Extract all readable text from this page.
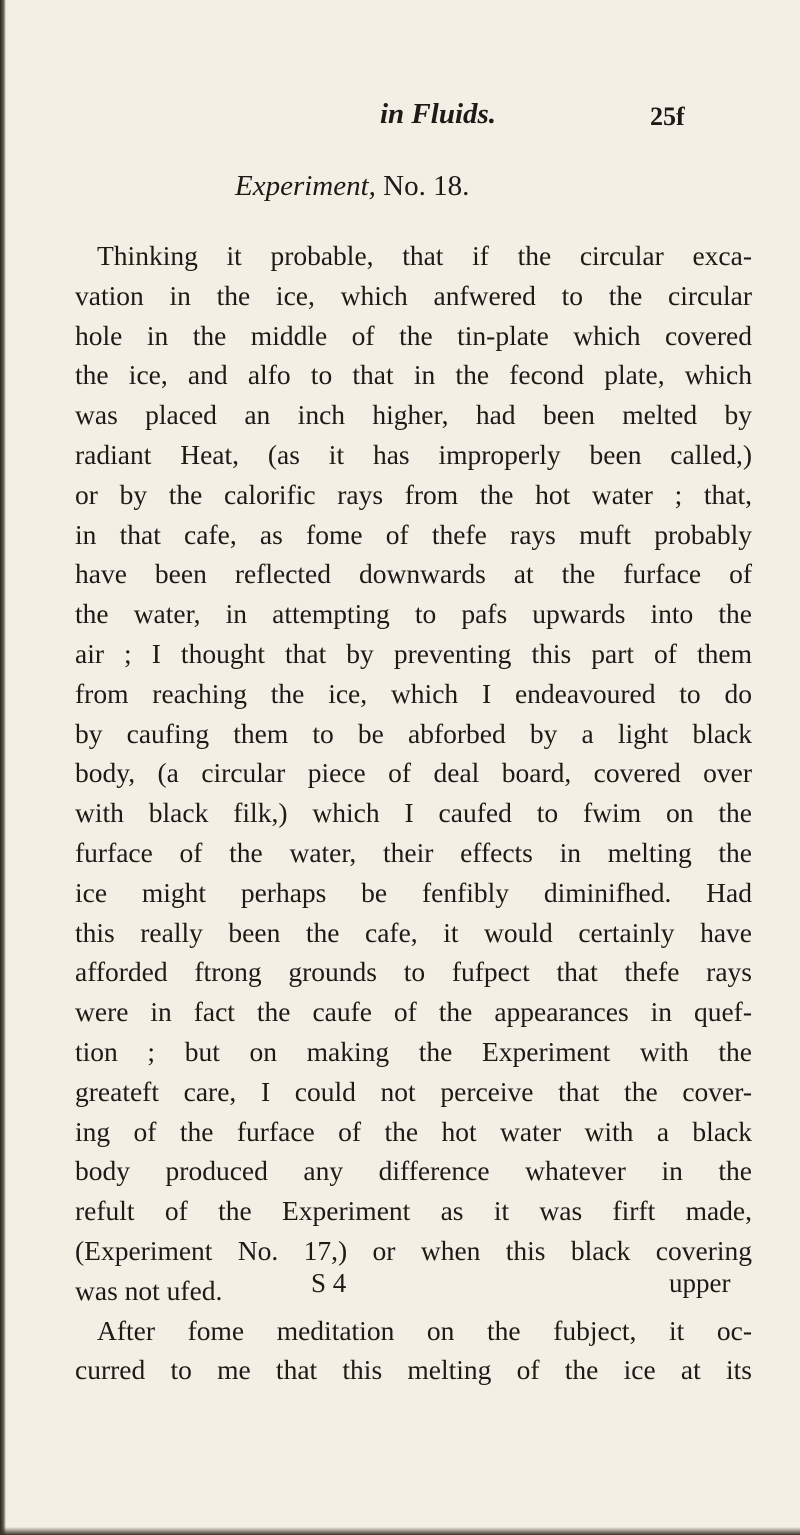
in Fluids.	25f
Experiment, No. 18.
Thinking it probable, that if the circular exca-
vation in the ice, which anfwered to the circular
hole in the middle of the tin-plate which covered
the ice, and alfo to that in the fecond plate, which
was placed an inch higher, had been melted by
radiant Heat, (as it has improperly been called,)
or by the calorific rays from the hot water ; that,
in that cafe, as fome of thefe rays muft probably
have been reflected downwards at the furface of
the water, in attempting to pafs upwards into the
air ; I thought that by preventing this part of them
from reaching the ice, which I endeavoured to do
by caufing them to be abforbed by a light black
body, (a circular piece of deal board, covered over
with black filk,) which I caufed to fwim on the
furface of the water, their effects in melting the
ice might perhaps be fenfibly diminifhed. Had
this really been the cafe, it would certainly have
afforded ftrong grounds to fufpect that thefe rays
were in fact the caufe of the appearances in quef-
tion ; but on making the Experiment with the
greateft care, I could not perceive that the cover-
ing of the furface of the hot water with a black
body produced any difference whatever in the
refult of the Experiment as it was firft made,
(Experiment No. 17,) or when this black covering
was not ufed.
After fome meditation on the fubject, it oc-
curred to me that this melting of the ice at its
S 4	upper
